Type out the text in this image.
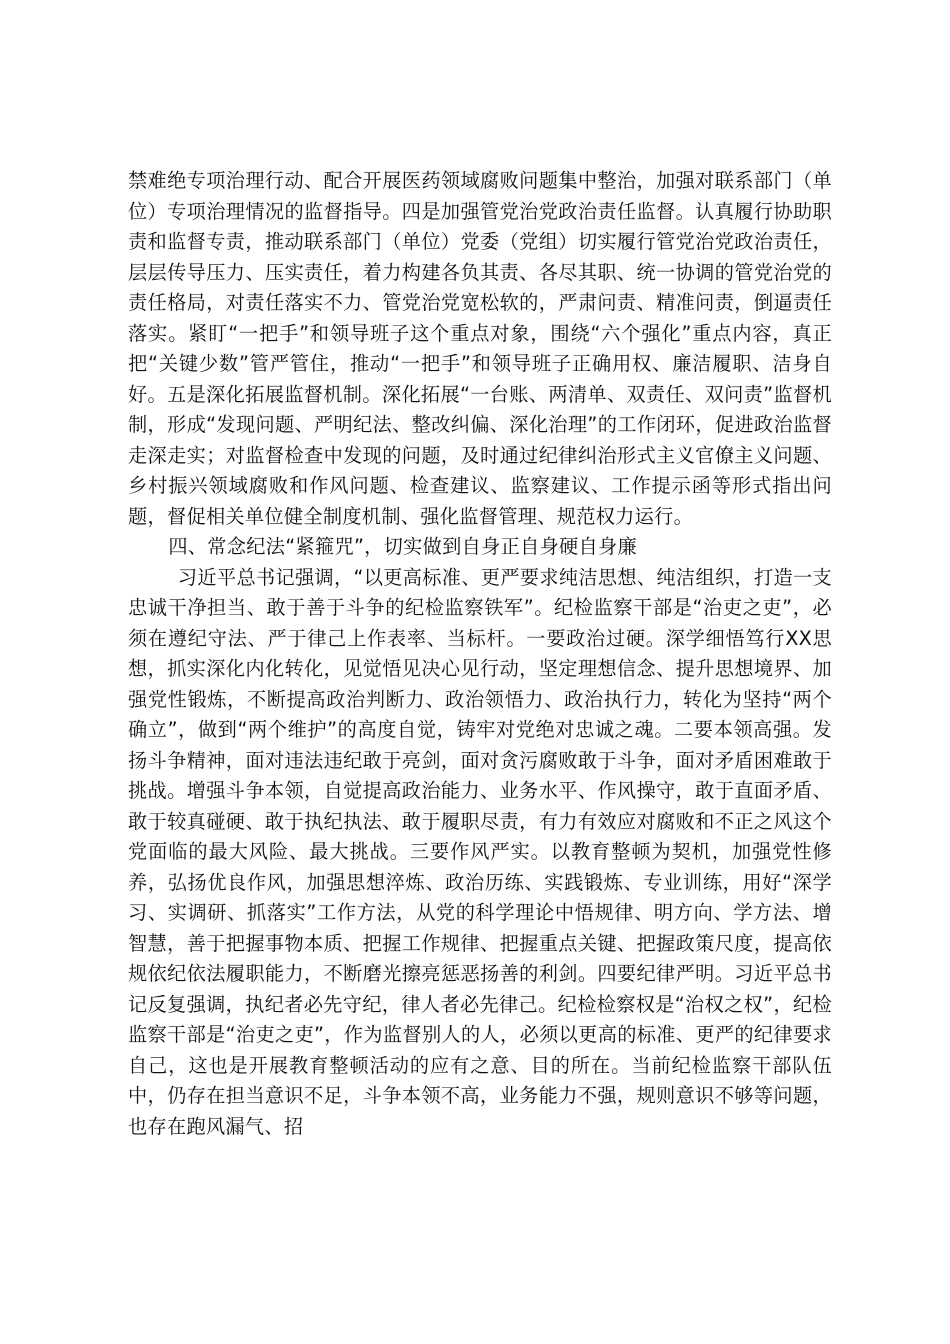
禁难绝专项治理行动、配合开展医药领域腐败问题集中整治，加强对联系部门（单位）专项治理情况的监督指导。四是加强管党治党政治责任监督。认真履行协助职责和监督专责，推动联系部门（单位）党委（党组）切实履行管党治党政治责任，层层传导压力、压实责任，着力构建各负其责、各尽其职、统一协调的管党治党的责任格局，对责任落实不力、管党治党宽松软的，严肃问责、精准问责，倒逼责任落实。紧盯“一把手”和领导班子这个重点对象，围绕“六个强化”重点内容，真正把“关键少数”管严管住，推动“一把手”和领导班子正确用权、廉洁履职、洁身自好。五是深化拓展监督机制。深化拓展“一台账、两清单、双责任、双问责”监督机制，形成“发现问题、严明纪法、整改纠偏、深化治理”的工作闭环，促进政治监督走深走实；对监督检查中发现的问题，及时通过纪律纠治形式主义官僚主义问题、乡村振兴领域腐败和作风问题、检查建议、监察建议、工作提示函等形式指出问题，督促相关单位健全制度机制、强化监督管理、规范权力运行。

四、常念纪法“紧箍咒”，切实做到自身正自身硬自身廉

习近平总书记强调，“以更高标准、更严要求纯洁思想、纯洁组织，打造一支忠诚干净担当、敢于善于斗争的纪检监察铁军”。纪检监察干部是“治吏之吏”，必须在遵纪守法、严于律己上作表率、当标杆。一要政治过硬。深学细悟笃行XX思想，抓实深化内化转化，见觉悟见决心见行动，坚定理想信念、提升思想境界、加强党性锻炼，不断提高政治判断力、政治领悟力、政治执行力，转化为坚持“两个确立”，做到“两个维护”的高度自觉，铸牢对党绝对忠诚之魂。二要本领高强。发扬斗争精神，面对违法违纪敢于亮剑，面对贪污腐败敢于斗争，面对矛盾困难敢于挑战。增强斗争本领，自觉提高政治能力、业务水平、作风操守，敢于直面矛盾、敢于较真碰硬、敢于执纪执法、敢于履职尽责，有力有效应对腐败和不正之风这个党面临的最大风险、最大挑战。三要作风严实。以教育整顿为契机，加强党性修养，弘扬优良作风，加强思想淬炼、政治历练、实践锻炼、专业训练，用好“深学习、实调研、抓落实”工作方法，从党的科学理论中悟规律、明方向、学方法、增智慧，善于把握事物本质、把握工作规律、把握重点关键、把握政策尺度，提高依规依纪依法履职能力，不断磨光擦亮惩恶扬善的利剑。四要纪律严明。习近平总书记反复强调，执纪者必先守纪，律人者必先律己。纪检检察权是“治权之权”，纪检监察干部是“治吏之吏”，作为监督别人的人，必须以更高的标准、更严的纪律要求自己，这也是开展教育整顿活动的应有之意、目的所在。当前纪检监察干部队伍中，仍存在担当意识不足，斗争本领不高，业务能力不强，规则意识不够等问题，也存在跑风漏气、招
